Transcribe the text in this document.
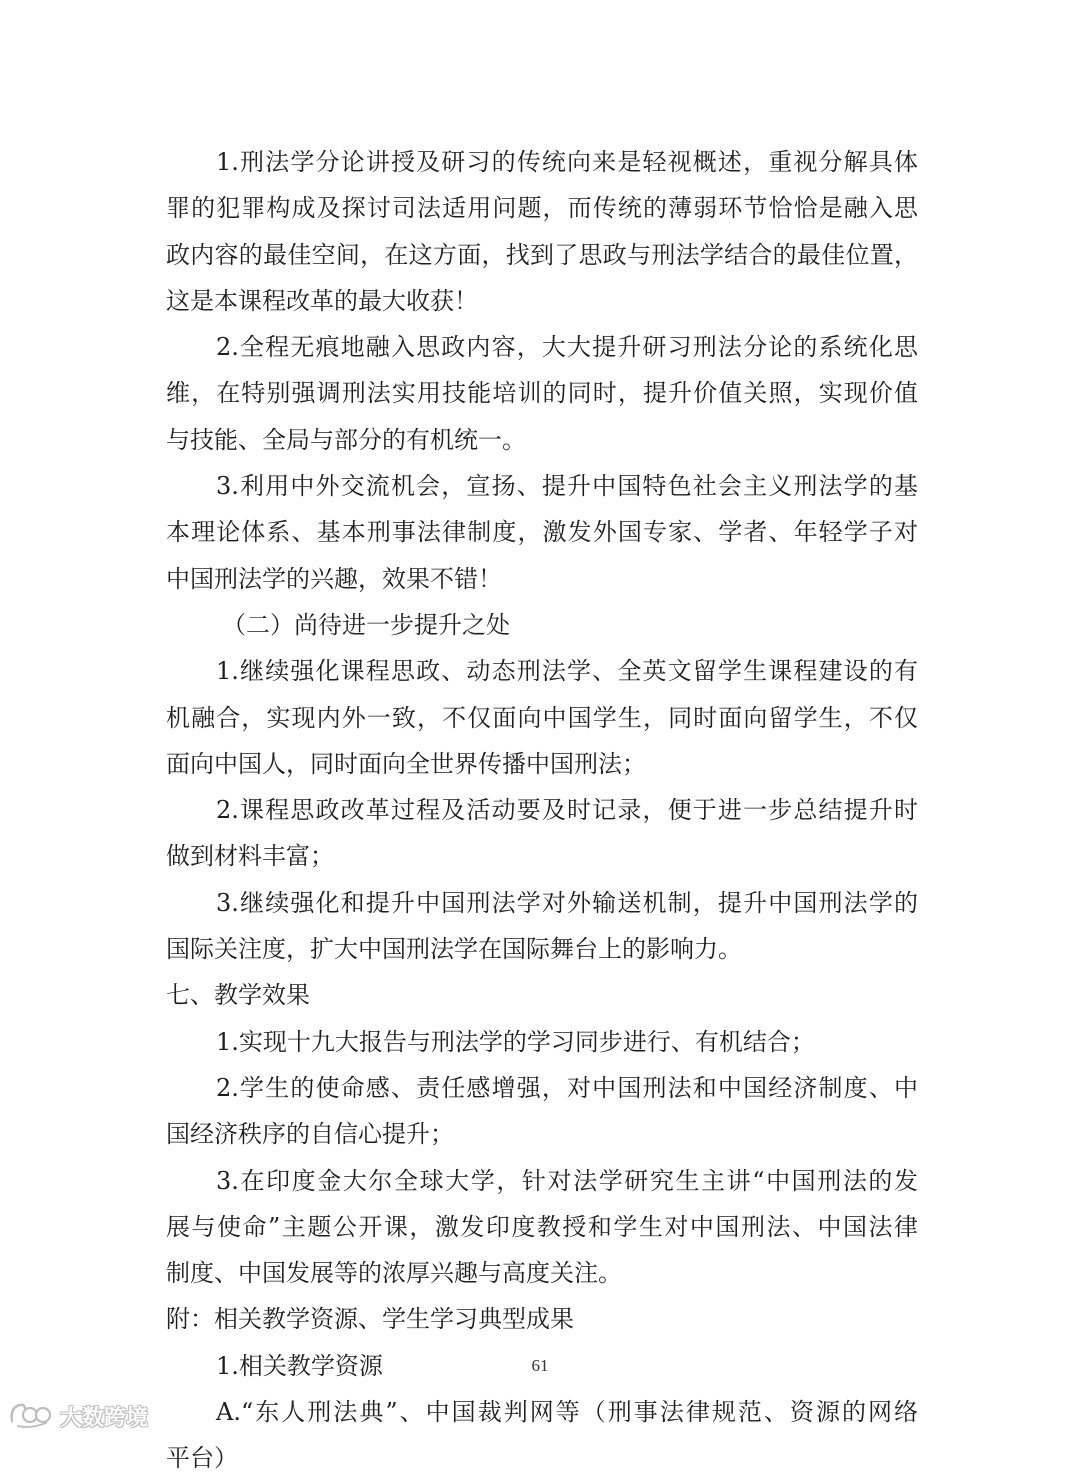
1.刑法学分论讲授及研习的传统向来是轻视概述，重视分解具体
罪的犯罪构成及探讨司法适用问题，而传统的薄弱环节恰恰是融入思
政内容的最佳空间，在这方面，找到了思政与刑法学结合的最佳位置，
这是本课程改革的最大收获！
2.全程无痕地融入思政内容，大大提升研习刑法分论的系统化思
维，在特别强调刑法实用技能培训的同时，提升价值关照，实现价值
与技能、全局与部分的有机统一。
3.利用中外交流机会，宣扬、提升中国特色社会主义刑法学的基
本理论体系、基本刑事法律制度，激发外国专家、学者、年轻学子对
中国刑法学的兴趣，效果不错！
（二）尚待进一步提升之处
1.继续强化课程思政、动态刑法学、全英文留学生课程建设的有
机融合，实现内外一致，不仅面向中国学生，同时面向留学生，不仅
面向中国人，同时面向全世界传播中国刑法；
2.课程思政改革过程及活动要及时记录，便于进一步总结提升时
做到材料丰富；
3.继续强化和提升中国刑法学对外输送机制，提升中国刑法学的
国际关注度，扩大中国刑法学在国际舞台上的影响力。
七、教学效果
1.实现十九大报告与刑法学的学习同步进行、有机结合；
2.学生的使命感、责任感增强，对中国刑法和中国经济制度、中
国经济秩序的自信心提升；
3.在印度金大尔全球大学，针对法学研究生主讲“中国刑法的发
展与使命”主题公开课，激发印度教授和学生对中国刑法、中国法律
制度、中国发展等的浓厚兴趣与高度关注。
附：相关教学资源、学生学习典型成果
1.相关教学资源
A.“东人刑法典”、中国裁判网等（刑事法律规范、资源的网络
平台）
61
大数跨境
